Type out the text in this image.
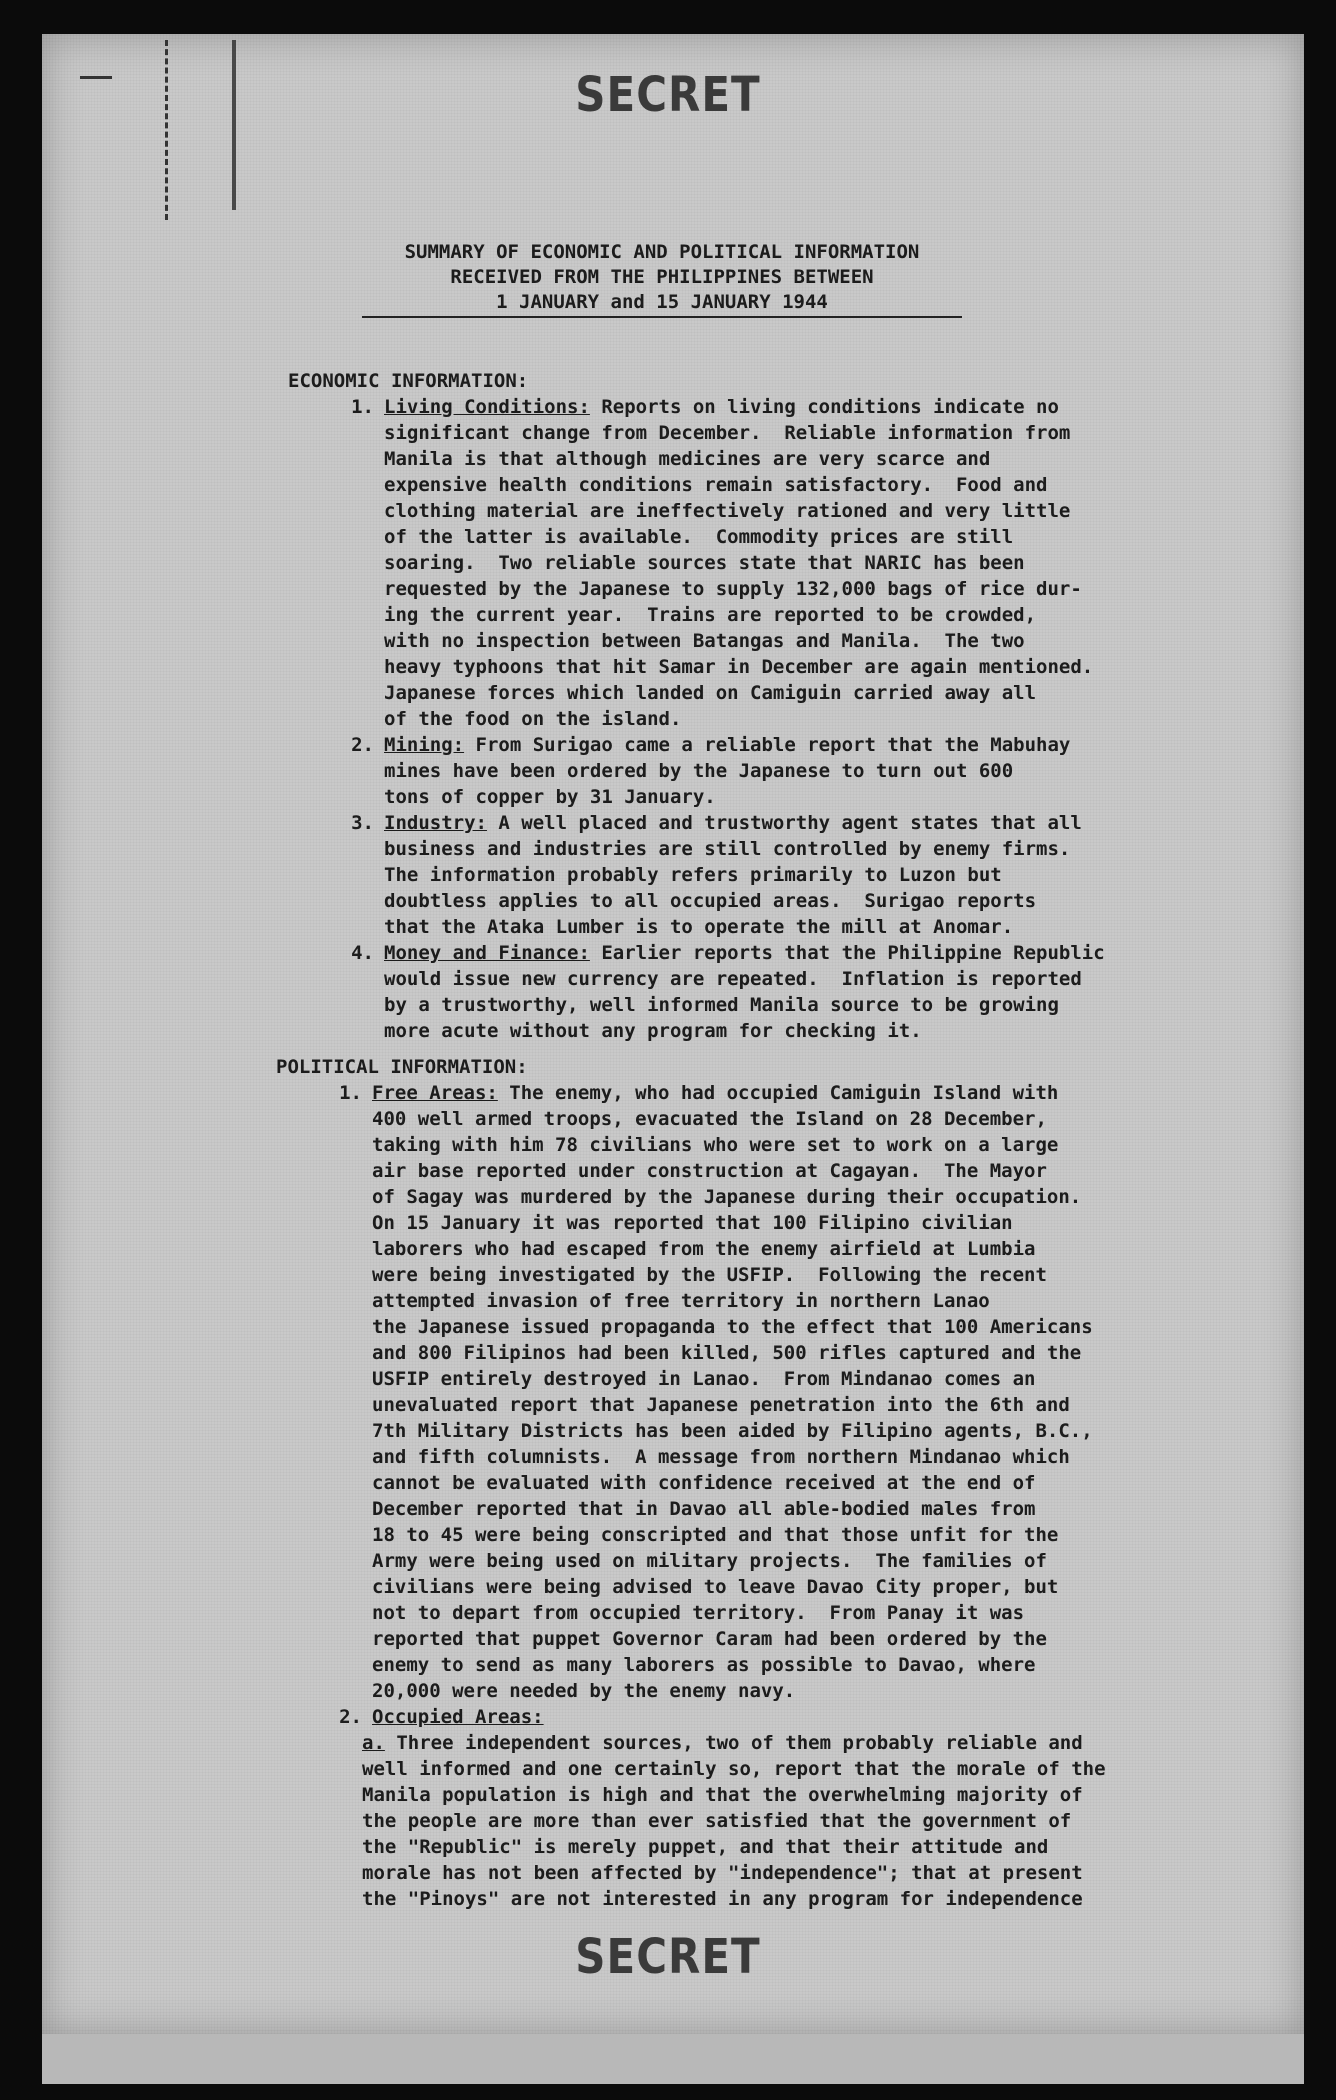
SECRET
SUMMARY OF ECONOMIC AND POLITICAL INFORMATION
RECEIVED FROM THE PHILIPPINES BETWEEN
1 JANUARY and 15 JANUARY 1944
ECONOMIC INFORMATION:
1. Living Conditions: Reports on living conditions indicate no
significant change from December.  Reliable information from
Manila is that although medicines are very scarce and
expensive health conditions remain satisfactory.  Food and
clothing material are ineffectively rationed and very little
of the latter is available.  Commodity prices are still
soaring.  Two reliable sources state that NARIC has been
requested by the Japanese to supply 132,000 bags of rice dur-
ing the current year.  Trains are reported to be crowded,
with no inspection between Batangas and Manila.  The two
heavy typhoons that hit Samar in December are again mentioned.
Japanese forces which landed on Camiguin carried away all
of the food on the island.
2. Mining: From Surigao came a reliable report that the Mabuhay
mines have been ordered by the Japanese to turn out 600
tons of copper by 31 January.
3. Industry: A well placed and trustworthy agent states that all
business and industries are still controlled by enemy firms.
The information probably refers primarily to Luzon but
doubtless applies to all occupied areas.  Surigao reports
that the Ataka Lumber is to operate the mill at Anomar.
4. Money and Finance: Earlier reports that the Philippine Republic
would issue new currency are repeated.  Inflation is reported
by a trustworthy, well informed Manila source to be growing
more acute without any program for checking it.
POLITICAL INFORMATION:
1. Free Areas: The enemy, who had occupied Camiguin Island with
400 well armed troops, evacuated the Island on 28 December,
taking with him 78 civilians who were set to work on a large
air base reported under construction at Cagayan.  The Mayor
of Sagay was murdered by the Japanese during their occupation.
On 15 January it was reported that 100 Filipino civilian
laborers who had escaped from the enemy airfield at Lumbia
were being investigated by the USFIP.  Following the recent
attempted invasion of free territory in northern Lanao
the Japanese issued propaganda to the effect that 100 Americans
and 800 Filipinos had been killed, 500 rifles captured and the
USFIP entirely destroyed in Lanao.  From Mindanao comes an
unevaluated report that Japanese penetration into the 6th and
7th Military Districts has been aided by Filipino agents, B.C.,
and fifth columnists.  A message from northern Mindanao which
cannot be evaluated with confidence received at the end of
December reported that in Davao all able-bodied males from
18 to 45 were being conscripted and that those unfit for the
Army were being used on military projects.  The families of
civilians were being advised to leave Davao City proper, but
not to depart from occupied territory.  From Panay it was
reported that puppet Governor Caram had been ordered by the
enemy to send as many laborers as possible to Davao, where
20,000 were needed by the enemy navy.
2. Occupied Areas:
a. Three independent sources, two of them probably reliable and
well informed and one certainly so, report that the morale of the
Manila population is high and that the overwhelming majority of
the people are more than ever satisfied that the government of
the "Republic" is merely puppet, and that their attitude and
morale has not been affected by "independence"; that at present
the "Pinoys" are not interested in any program for independence
SECRET
